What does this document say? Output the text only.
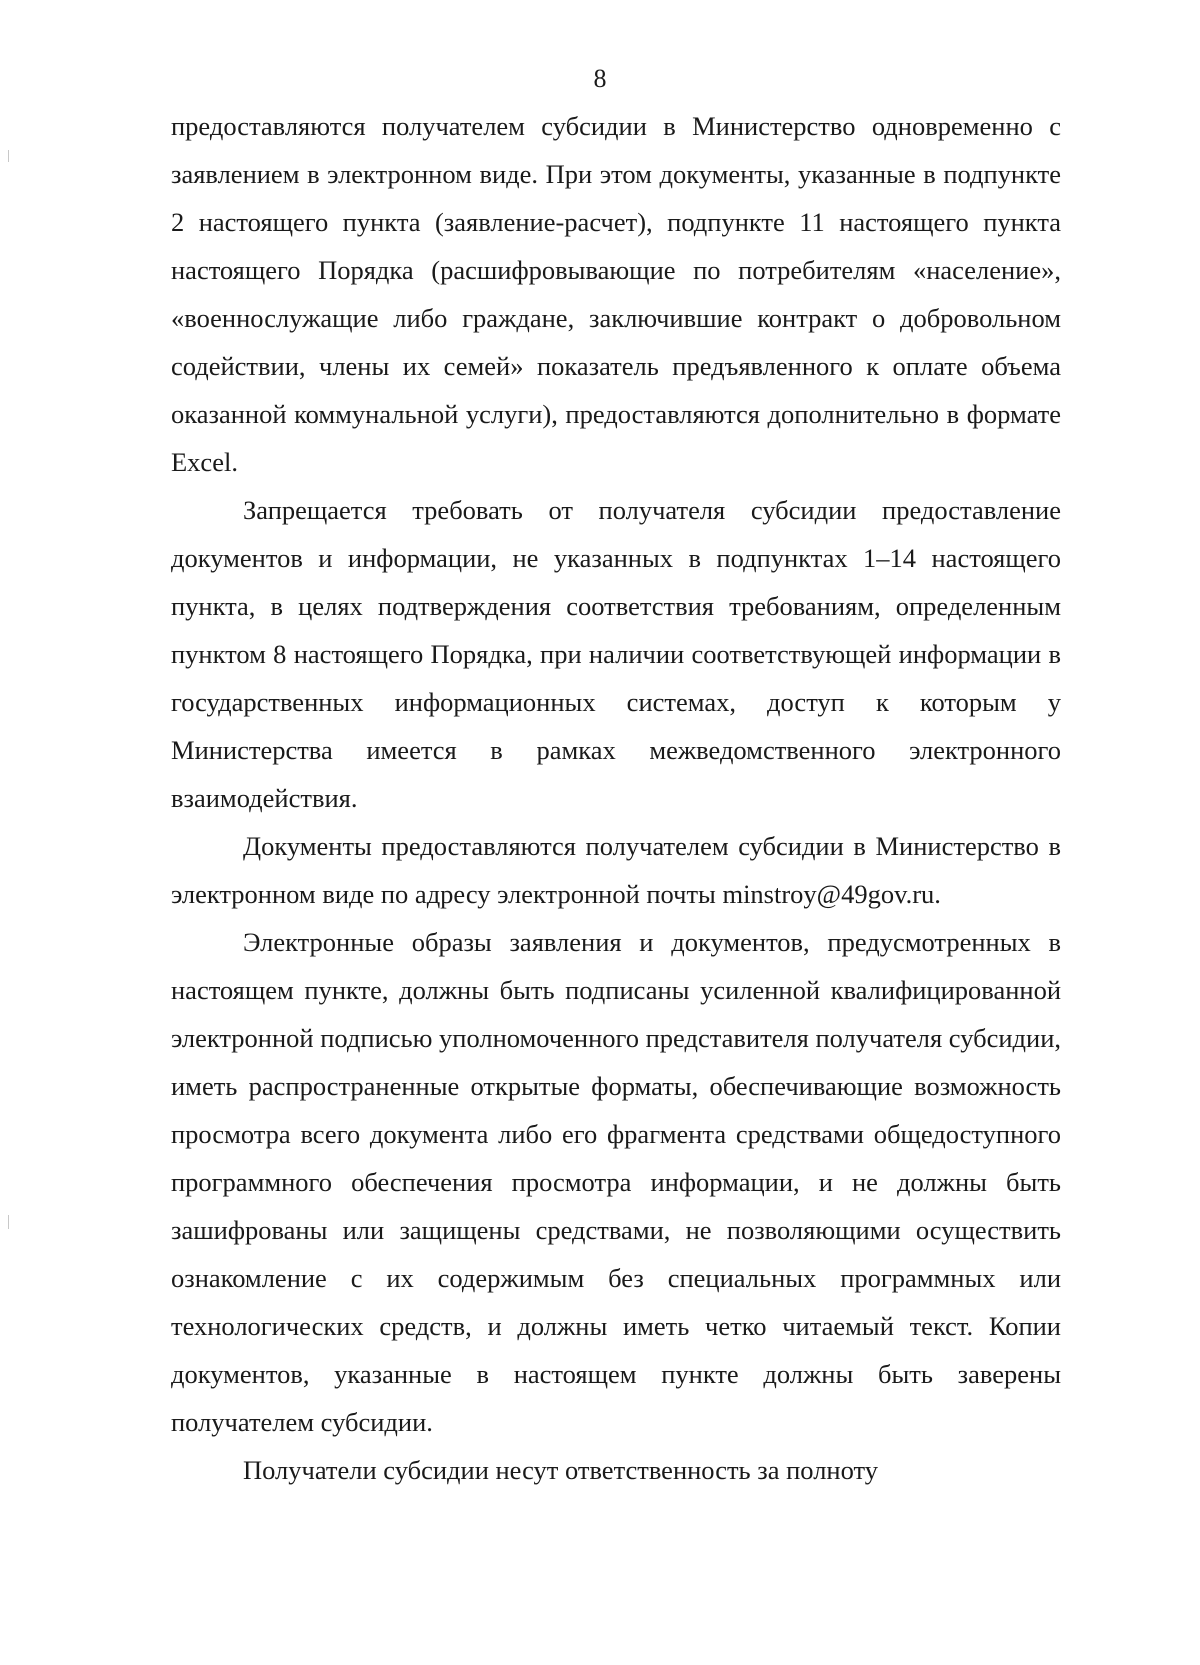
8

предоставляются получателем субсидии в Министерство одновременно с заявлением в электронном виде. При этом документы, указанные в подпункте 2 настоящего пункта (заявление-расчет), подпункте 11 настоящего пункта настоящего Порядка (расшифровывающие по потребителям «население», «военнослужащие либо граждане, заключившие контракт о добровольном содействии, члены их семей» показатель предъявленного к оплате объема оказанной коммунальной услуги), предоставляются дополнительно в формате Excel.

Запрещается требовать от получателя субсидии предоставление документов и информации, не указанных в подпунктах 1–14 настоящего пункта, в целях подтверждения соответствия требованиям, определенным пунктом 8 настоящего Порядка, при наличии соответствующей информации в государственных информационных системах, доступ к которым у Министерства имеется в рамках межведомственного электронного взаимодействия.

Документы предоставляются получателем субсидии в Министерство в электронном виде по адресу электронной почты minstroy@49gov.ru.

Электронные образы заявления и документов, предусмотренных в настоящем пункте, должны быть подписаны усиленной квалифицированной электронной подписью уполномоченного представителя получателя субсидии, иметь распространенные открытые форматы, обеспечивающие возможность просмотра всего документа либо его фрагмента средствами общедоступного программного обеспечения просмотра информации, и не должны быть зашифрованы или защищены средствами, не позволяющими осуществить ознакомление с их содержимым без специальных программных или технологических средств, и должны иметь четко читаемый текст. Копии документов, указанные в настоящем пункте должны быть заверены получателем субсидии.

Получатели субсидии несут ответственность за полноту
